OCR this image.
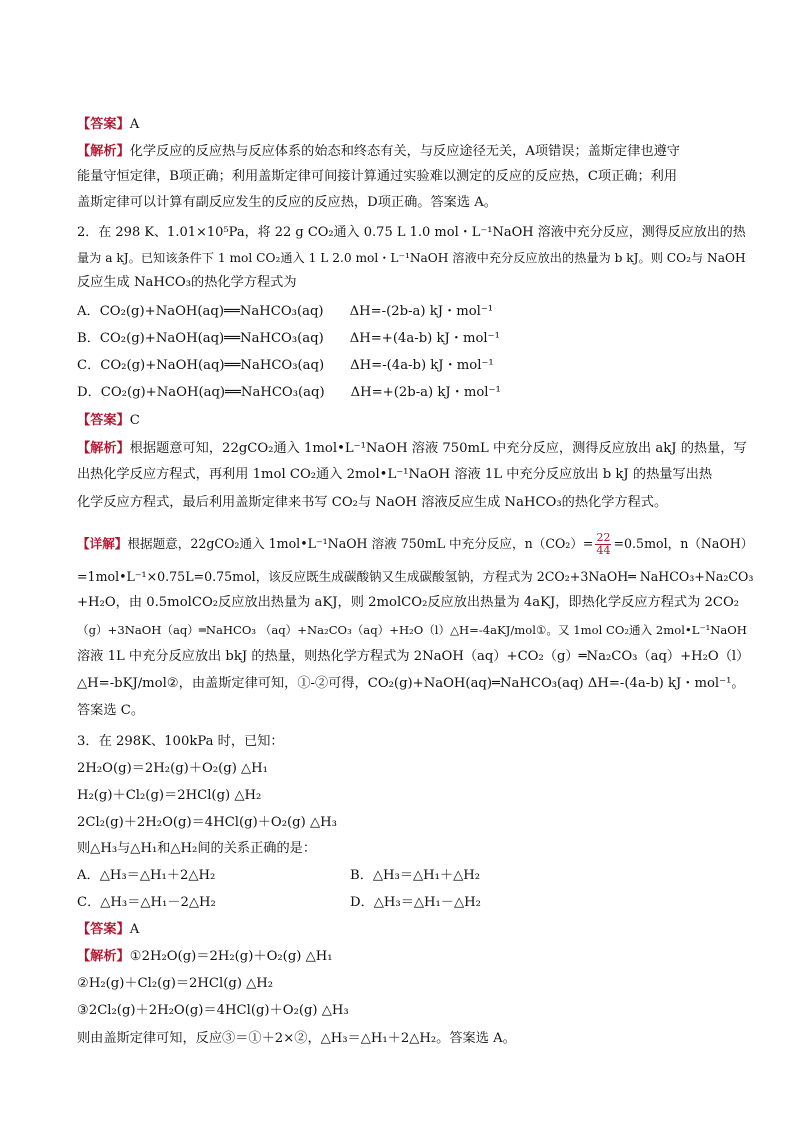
【答案】A
【解析】化学反应的反应热与反应体系的始态和终态有关，与反应途径无关，A项错误；盖斯定律也遵守
能量守恒定律，B项正确；利用盖斯定律可间接计算通过实验难以测定的反应的反应热，C项正确；利用
盖斯定律可以计算有副反应发生的反应的反应热，D项正确。答案选 A。
2．在 298 K、1.01×10⁵Pa，将 22 g CO₂通入 0.75 L 1.0 mol・L⁻¹NaOH 溶液中充分反应，测得反应放出的热
量为 a kJ。已知该条件下 1 mol CO₂通入 1 L 2.0 mol・L⁻¹NaOH 溶液中充分反应放出的热量为 b kJ。则 CO₂与 NaOH
反应生成 NaHCO₃的热化学方程式为
A．CO₂(g)+NaOH(aq)══NaHCO₃(aq) ΔH=-(2b-a) kJ・mol⁻¹
B．CO₂(g)+NaOH(aq)══NaHCO₃(aq) ΔH=+(4a-b) kJ・mol⁻¹
C．CO₂(g)+NaOH(aq)══NaHCO₃(aq) ΔH=-(4a-b) kJ・mol⁻¹
D．CO₂(g)+NaOH(aq)══NaHCO₃(aq) ΔH=+(2b-a) kJ・mol⁻¹
【答案】C
【解析】根据题意可知，22gCO₂通入 1mol•L⁻¹NaOH 溶液 750mL 中充分反应，测得反应放出 akJ 的热量，写
出热化学反应方程式，再利用 1mol CO₂通入 2mol•L⁻¹NaOH 溶液 1L 中充分反应放出 b kJ 的热量写出热
化学反应方程式，最后利用盖斯定律来书写 CO₂与 NaOH 溶液反应生成 NaHCO₃的热化学方程式。
【详解】根据题意，22gCO₂通入 1mol•L⁻¹NaOH 溶液 750mL 中充分反应，$n(CO_2)= \frac{22}{44} =0.5mol$，n（NaOH）
=1mol•L⁻¹×0.75L=0.75mol，该反应既生成碳酸钠又生成碳酸氢钠，方程式为 2CO₂+3NaOH═ NaHCO₃+Na₂CO₃
+H₂O，由 0.5molCO₂反应放出热量为 aKJ，则 2molCO₂反应放出热量为 4aKJ，即热化学反应方程式为 2CO₂
（g）+3NaOH（aq）═NaHCO₃ （aq）+Na₂CO₃（aq）+H₂O（l）△H=-4aKJ/mol①。又 1mol CO₂通入 2mol•L⁻¹NaOH
溶液 1L 中充分反应放出 bkJ 的热量，则热化学方程式为 2NaOH（aq）+CO₂（g）═Na₂CO₃（aq）+H₂O（l）
△H=-bKJ/mol②，由盖斯定律可知，①-②可得，CO₂(g)+NaOH(aq)═NaHCO₃(aq) ΔH=-(4a-b) kJ・mol⁻¹。
答案选 C。
3．在 298K、100kPa 时，已知：
2H₂O(g)＝2H₂(g)＋O₂(g) △H₁
H₂(g)＋Cl₂(g)＝2HCl(g) △H₂
2Cl₂(g)＋2H₂O(g)＝4HCl(g)＋O₂(g) △H₃
则△H₃与△H₁和△H₂间的关系正确的是：
A．△H₃＝△H₁＋2△H₂	B．△H₃＝△H₁＋△H₂
C．△H₃＝△H₁－2△H₂	D．△H₃＝△H₁－△H₂
【答案】A
【解析】①2H₂O(g)＝2H₂(g)＋O₂(g) △H₁
②H₂(g)＋Cl₂(g)＝2HCl(g) △H₂
③2Cl₂(g)＋2H₂O(g)＝4HCl(g)＋O₂(g) △H₃
则由盖斯定律可知，反应③＝①＋2×②，△H₃＝△H₁＋2△H₂。答案选 A。
